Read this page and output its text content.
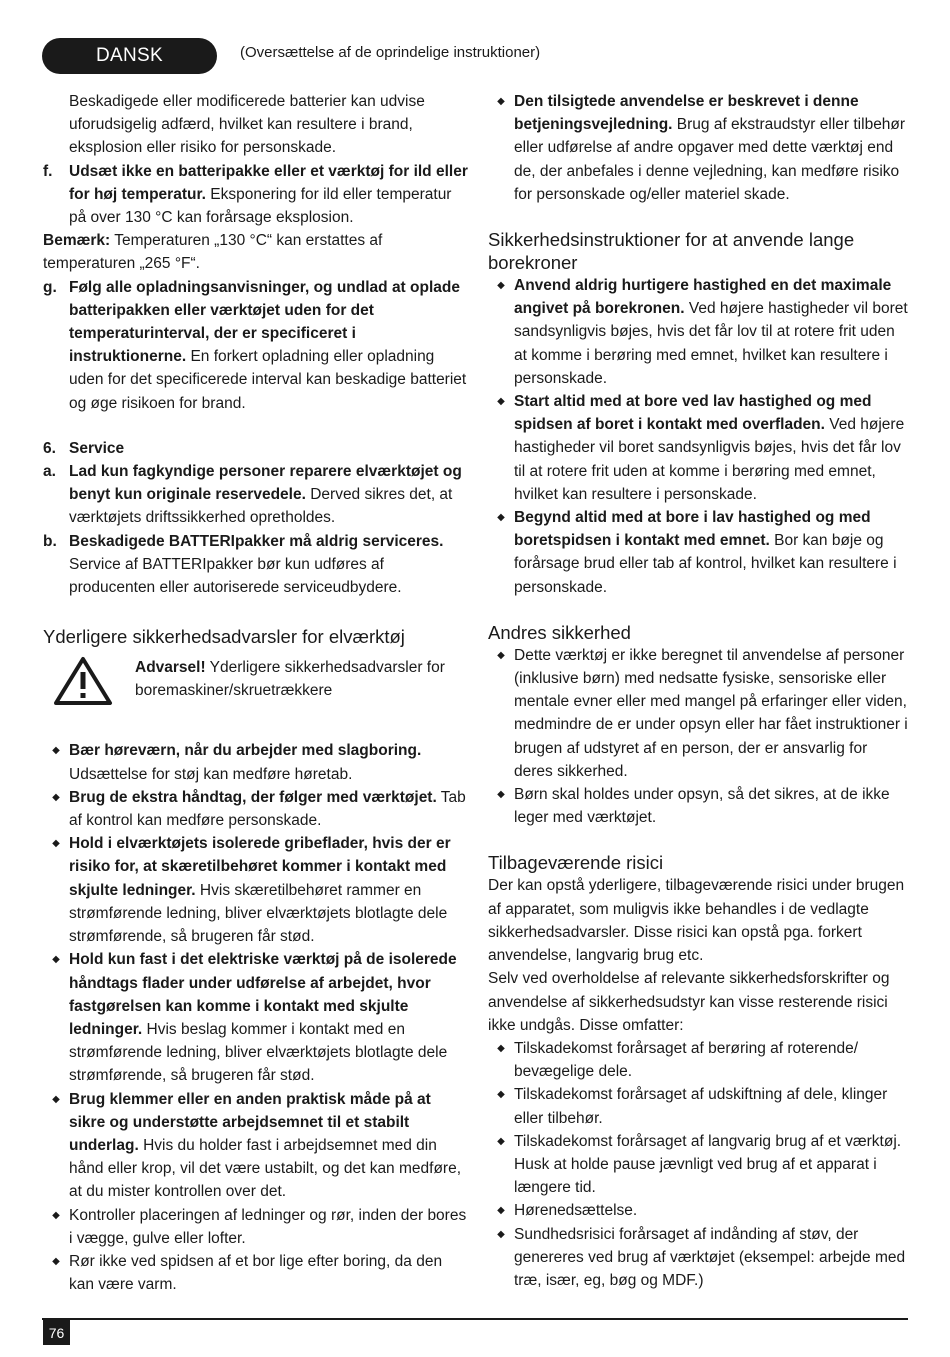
DANSK	(Oversættelse af de oprindelige instruktioner)

Beskadigede eller modificerede batterier kan udvise uforudsigelig adfærd, hvilket kan resultere i brand, eksplosion eller risiko for personskade.

f.	Udsæt ikke en batteripakke eller et værktøj for ild eller for høj temperatur. Eksponering for ild eller temperatur på over 130 °C kan forårsage eksplosion.

Bemærk: Temperaturen „130 °C“ kan erstattes af temperaturen „265 °F“.

g. Følg alle opladningsanvisninger, og undlad at oplade batteripakken eller værktøjet uden for det temperaturinterval, der er specificeret i instruktionerne. En forkert opladning eller opladning uden for det specificerede interval kan beskadige batteriet og øge risikoen for brand.
6. Service
a. Lad kun fagkyndige personer reparere elværktøjet og benyt kun originale reservedele. Derved sikres det, at værktøjets driftssikkerhed opretholdes.
b. Beskadigede BATTERIpakker må aldrig serviceres. Service af BATTERIpakker bør kun udføres af producenten eller autoriserede serviceudbydere.
Yderligere sikkerhedsadvarsler for elværktøj

Advarsel! Yderligere sikkerhedsadvarsler for boremaskiner/skruetrækkere

◆ Bær høreværn, når du arbejder med slagboring. Udsættelse for støj kan medføre høretab.
◆ Brug de ekstra håndtag, der følger med værktøjet. Tab af kontrol kan medføre personskade.
◆ Hold i elværktøjets isolerede gribeflader, hvis der er risiko for, at skæretilbehøret kommer i kontakt med skjulte ledninger. Hvis skæretilbehøret rammer en strømførende ledning, bliver elværktøjets blotlagte dele strømførende, så brugeren får stød.
◆ Hold kun fast i det elektriske værktøj på de isolerede håndtags flader under udførelse af arbejdet, hvor fastgørelsen kan komme i kontakt med skjulte ledninger. Hvis beslag kommer i kontakt med en strømførende ledning, bliver elværktøjets blotlagte dele strømførende, så brugeren får stød.
◆ Brug klemmer eller en anden praktisk måde på at sikre og understøtte arbejdsemnet til et stabilt underlag. Hvis du holder fast i arbejdsemnet med din hånd eller krop, vil det være ustabilt, og det kan medføre, at du mister kontrollen over det.
◆ Kontroller placeringen af ledninger og rør, inden der bores i vægge, gulve eller lofter.
◆ Rør ikke ved spidsen af et bor lige efter boring, da den kan være varm.
◆ Den tilsigtede anvendelse er beskrevet i denne betjeningsvejledning. Brug af ekstraudstyr eller tilbehør eller udførelse af andre opgaver med dette værktøj end de, der anbefales i denne vejledning, kan medføre risiko for personskade og/eller materiel skade.
Sikkerhedsinstruktioner for at anvende lange borekroner
◆ Anvend aldrig hurtigere hastighed en det maximale angivet på borekronen. Ved højere hastigheder vil boret sandsynligvis bøjes, hvis det får lov til at rotere frit uden at komme i berøring med emnet, hvilket kan resultere i personskade.
◆ Start altid med at bore ved lav hastighed og med spidsen af boret i kontakt med overfladen. Ved højere hastigheder vil boret sandsynligvis bøjes, hvis det får lov til at rotere frit uden at komme i berøring med emnet, hvilket kan resultere i personskade.
◆ Begynd altid med at bore i lav hastighed og med boretspidsen i kontakt med emnet. Bor kan bøje og forårsage brud eller tab af kontrol, hvilket kan resultere i personskade.
Andres sikkerhed
◆ Dette værktøj er ikke beregnet til anvendelse af personer (inklusive børn) med nedsatte fysiske, sensoriske eller mentale evner eller med mangel på erfaringer eller viden, medmindre de er under opsyn eller har fået instruktioner i brugen af udstyret af en person, der er ansvarlig for deres sikkerhed.
◆ Børn skal holdes under opsyn, så det sikres, at de ikke leger med værktøjet.
Tilbageværende risici

Der kan opstå yderligere, tilbageværende risici under brugen af apparatet, som muligvis ikke behandles i de vedlagte sikkerhedsadvarsler. Disse risici kan opstå pga. forkert anvendelse, langvarig brug etc.

Selv ved overholdelse af relevante sikkerhedsforskrifter og anvendelse af sikkerhedsudstyr kan visse resterende risici ikke undgås. Disse omfatter:

◆ Tilskadekomst forårsaget af berøring af roterende/ bevægelige dele.
◆ Tilskadekomst forårsaget af udskiftning af dele, klinger eller tilbehør.
◆ Tilskadekomst forårsaget af langvarig brug af et værktøj. Husk at holde pause jævnligt ved brug af et apparat i længere tid.
◆ Hørenedsættelse.
◆ Sundhedsrisici forårsaget af indånding af støv, der genereres ved brug af værktøjet (eksempel: arbejde med træ, især, eg, bøg og MDF.)
76
